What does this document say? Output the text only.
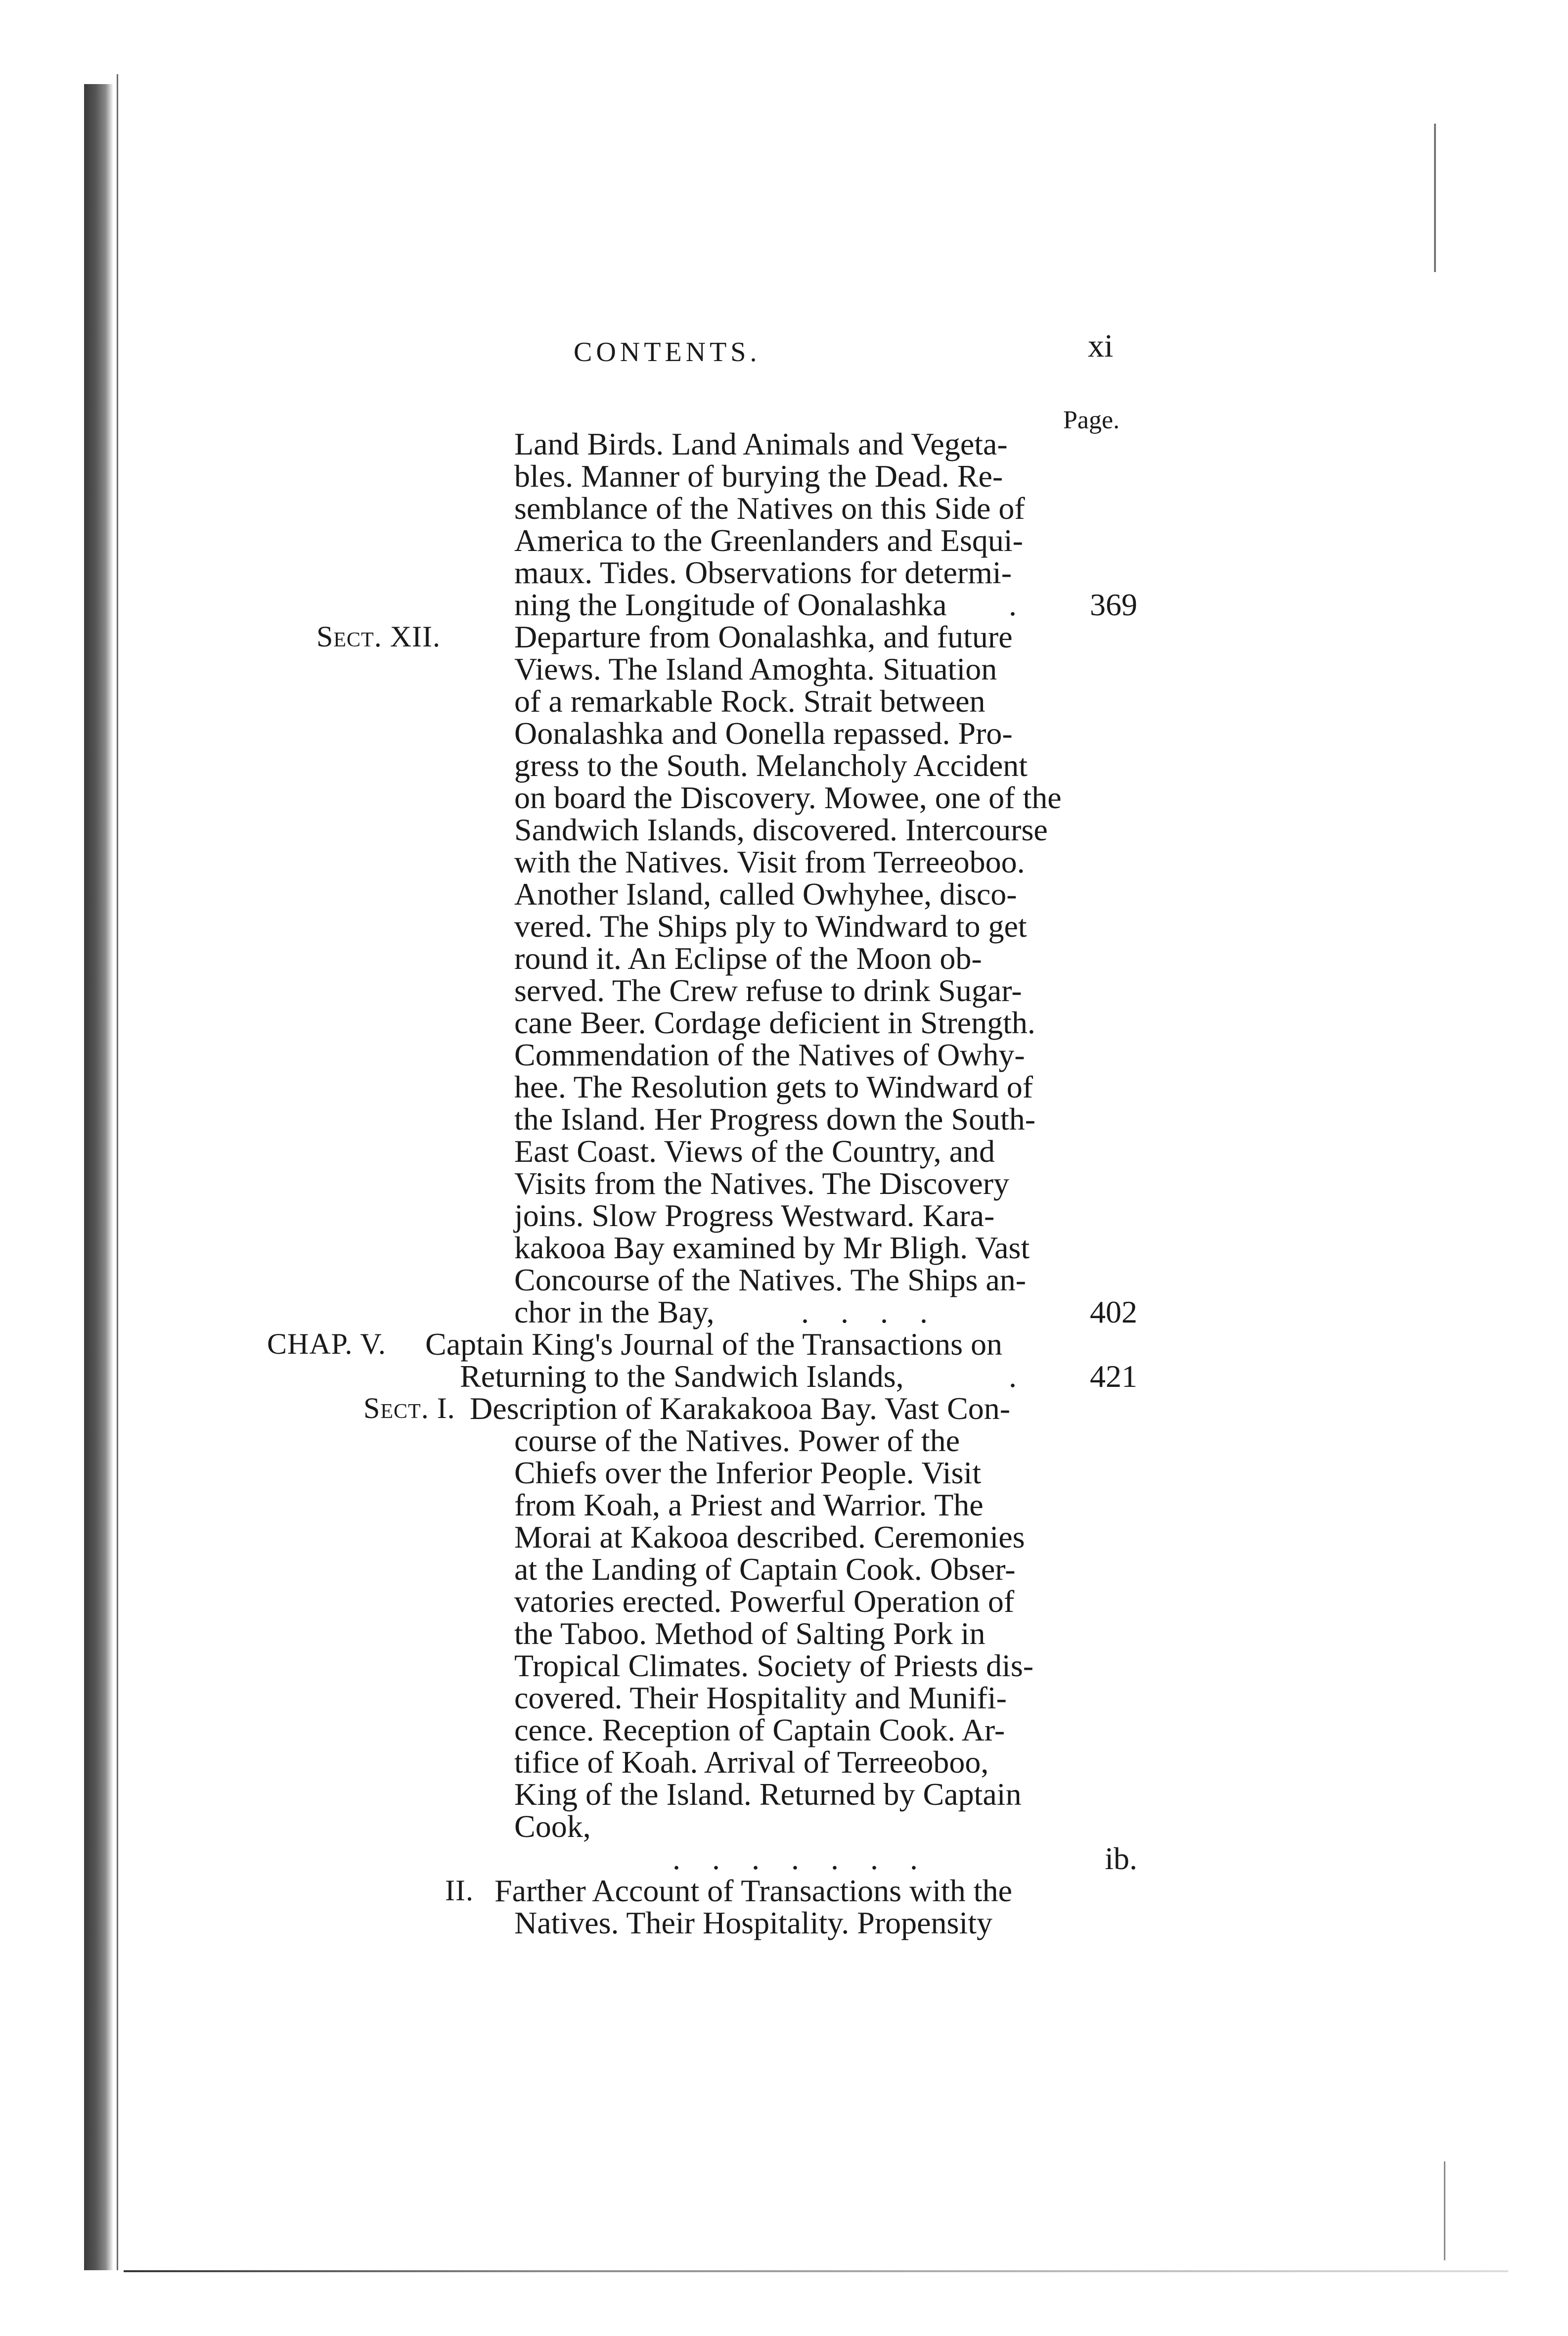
CONTENTS.	xi
Page.
Land Birds. Land Animals and Vegeta-
bles. Manner of burying the Dead. Re-
semblance of the Natives on this Side of
America to the Greenlanders and Esqui-
maux. Tides. Observations for determi-
ning the Longitude of Oonalashka	.	369
Sect. XII. Departure from Oonalashka, and future
Views. The Island Amoghta. Situation
of a remarkable Rock. Strait between
Oonalashka and Oonella repassed. Pro-
gress to the South. Melancholy Accident
on board the Discovery. Mowee, one of the
Sandwich Islands, discovered. Intercourse
with the Natives. Visit from Terreeoboo.
Another Island, called Owhyhee, disco-
vered. The Ships ply to Windward to get
round it. An Eclipse of the Moon ob-
served. The Crew refuse to drink Sugar-
cane Beer. Cordage deficient in Strength.
Commendation of the Natives of Owhy-
hee. The Resolution gets to Windward of
the Island. Her Progress down the South-
East Coast. Views of the Country, and
Visits from the Natives. The Discovery
joins. Slow Progress Westward. Kara-
kakooa Bay examined by Mr Bligh. Vast
Concourse of the Natives. The Ships an-
chor in the Bay,	.    .    .    .	402
CHAP. V. Captain King's Journal of the Transactions on
Returning to the Sandwich Islands,	.	421
Sect. I. Description of Karakakooa Bay. Vast Con-
course of the Natives. Power of the
Chiefs over the Inferior People. Visit
from Koah, a Priest and Warrior. The
Morai at Kakooa described. Ceremonies
at the Landing of Captain Cook. Obser-
vatories erected. Powerful Operation of
the Taboo. Method of Salting Pork in
Tropical Climates. Society of Priests dis-
covered. Their Hospitality and Munifi-
cence. Reception of Captain Cook. Ar-
tifice of Koah. Arrival of Terreeoboo,
King of the Island. Returned by Captain
Cook,
.    .    .    .    .    .    .	ib.
II. Farther Account of Transactions with the
Natives. Their Hospitality. Propensity
